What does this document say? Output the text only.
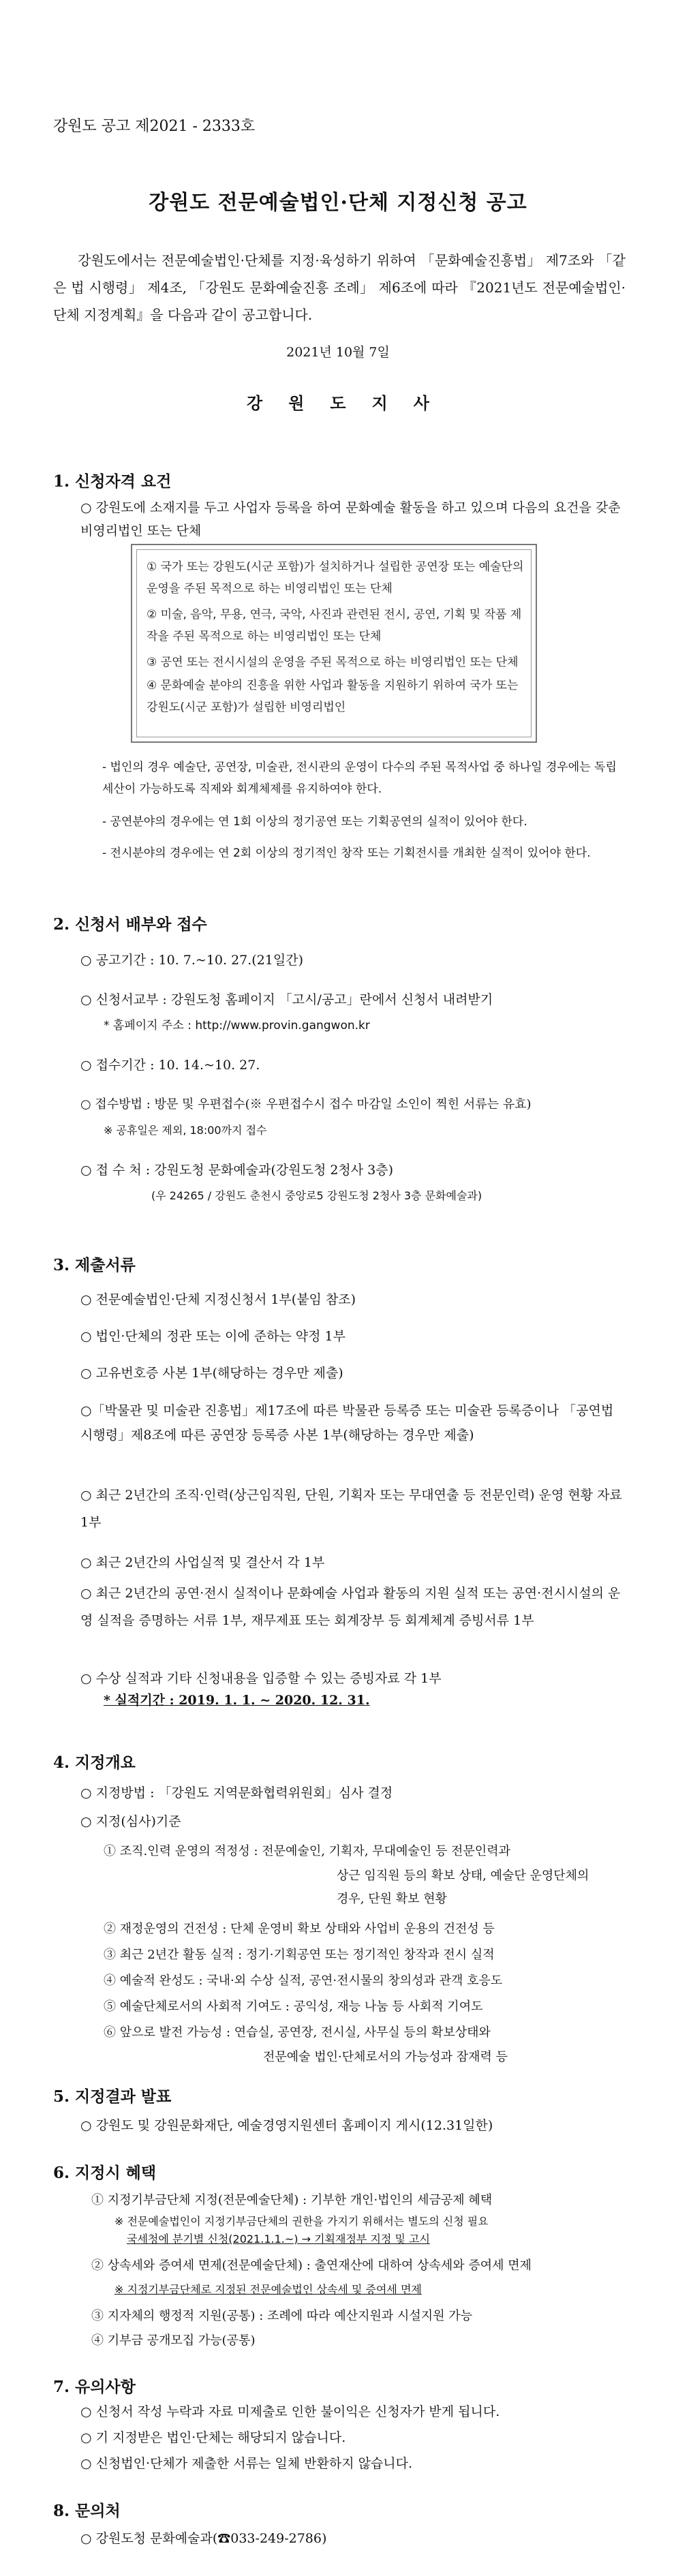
강원도 공고 제2021 - 2333호
강원도 전문예술법인·단체 지정신청 공고
강원도에서는 전문예술법인·단체를 지정·육성하기 위하여 「문화예술진흥법」 제7조와 「같은 법 시행령」 제4조, 「강원도 문화예술진흥 조례」 제6조에 따라 『2021년도 전문예술법인·단체 지정계획』을 다음과 같이 공고합니다.
2021년 10월 7일
강원도지사
1. 신청자격 요건
○ 강원도에 소재지를 두고 사업자 등록을 하여 문화예술 활동을 하고 있으며 다음의 요건을 갖춘 비영리법인 또는 단체
① 국가 또는 강원도(시군 포함)가 설치하거나 설립한 공연장 또는 예술단의 운영을 주된 목적으로 하는 비영리법인 또는 단체
② 미술, 음악, 무용, 연극, 국악, 사진과 관련된 전시, 공연, 기획 및 작품 제작을 주된 목적으로 하는 비영리법인 또는 단체
③ 공연 또는 전시시설의 운영을 주된 목적으로 하는 비영리법인 또는 단체
④ 문화예술 분야의 진흥을 위한 사업과 활동을 지원하기 위하여 국가 또는 강원도(시군 포함)가 설립한 비영리법인
- 법인의 경우 예술단, 공연장, 미술관, 전시관의 운영이 다수의 주된 목적사업 중 하나일 경우에는 독립세산이 가능하도록 직제와 회계체제를 유지하여야 한다.
- 공연분야의 경우에는 연 1회 이상의 정기공연 또는 기획공연의 실적이 있어야 한다.
- 전시분야의 경우에는 연 2회 이상의 정기적인 창작 또는 기획전시를 개최한 실적이 있어야 한다.
2. 신청서 배부와 접수
○ 공고기간 : 10. 7.~10. 27.(21일간)
○ 신청서교부 : 강원도청 홈페이지 「고시/공고」란에서 신청서 내려받기
* 홈페이지 주소 : http://www.provin.gangwon.kr
○ 접수기간 : 10. 14.~10. 27.
○ 접수방법 : 방문 및 우편접수(※ 우편접수시 접수 마감일 소인이 찍힌 서류는 유효)
※ 공휴일은 제외, 18:00까지 접수
○ 접 수 처 : 강원도청 문화예술과(강원도청 2청사 3층)
(우 24265 / 강원도 춘천시 중앙로5 강원도청 2청사 3층 문화예술과)
3. 제출서류
○ 전문예술법인·단체 지정신청서 1부(붙임 참조)
○ 법인·단체의 정관 또는 이에 준하는 약정 1부
○ 고유번호증 사본 1부(해당하는 경우만 제출)
○「박물관 및 미술관 진흥법」제17조에 따른 박물관 등록증 또는 미술관 등록증이나 「공연법 시행령」제8조에 따른 공연장 등록증 사본 1부(해당하는 경우만 제출)
○ 최근 2년간의 조직·인력(상근임직원, 단원, 기획자 또는 무대연출 등 전문인력) 운영 현황 자료 1부
○ 최근 2년간의 사업실적 및 결산서 각 1부
○ 최근 2년간의 공연·전시 실적이나 문화예술 사업과 활동의 지원 실적 또는 공연·전시시설의 운영 실적을 증명하는 서류 1부, 재무제표 또는 회계장부 등 회계체계 증빙서류 1부
○ 수상 실적과 기타 신청내용을 입증할 수 있는 증빙자료 각 1부
* 실적기간 : 2019. 1. 1. ~ 2020. 12. 31.
4. 지정개요
○ 지정방법 : 「강원도 지역문화협력위원회」심사 결정
○ 지정(심사)기준
① 조직.인력 운영의 적정성 : 전문예술인, 기획자, 무대예술인 등 전문인력과
상근 임직원 등의 확보 상태, 예술단 운영단체의
경우, 단원 확보 현황
② 재정운영의 건전성 : 단체 운영비 확보 상태와 사업비 운용의 건전성 등
③ 최근 2년간 활동 실적 : 정기·기획공연 또는 정기적인 창작과 전시 실적
④ 예술적 완성도 : 국내·외 수상 실적, 공연·전시물의 창의성과 관객 호응도
⑤ 예술단체로서의 사회적 기여도 : 공익성, 재능 나눔 등 사회적 기여도
⑥ 앞으로 발전 가능성 : 연습실, 공연장, 전시실, 사무실 등의 확보상태와
전문예술 법인·단체로서의 가능성과 잠재력 등
5. 지정결과 발표
○ 강원도 및 강원문화재단, 예술경영지원센터 홈페이지 게시(12.31일한)
6. 지정시 혜택
① 지정기부금단체 지정(전문예술단체) : 기부한 개인·법인의 세금공제 혜택
※ 전문예술법인이 지정기부금단체의 권한을 가지기 위해서는 별도의 신청 필요
국세청에 분기별 신청(2021.1.1.~) → 기획재정부 지정 및 고시
② 상속세와 증여세 면제(전문예술단체) : 출연재산에 대하여 상속세와 증여세 면제
※ 지정기부금단체로 지정된 전문예술법인 상속세 및 증여세 면제
③ 지자체의 행정적 지원(공통) : 조례에 따라 예산지원과 시설지원 가능
④ 기부금 공개모집 가능(공통)
7. 유의사항
○ 신청서 작성 누락과 자료 미제출로 인한 불이익은 신청자가 받게 됩니다.
○ 기 지정받은 법인·단체는 해당되지 않습니다.
○ 신청법인·단체가 제출한 서류는 일체 반환하지 않습니다.
8. 문의처
○ 강원도청 문화예술과(☎033-249-2786)
